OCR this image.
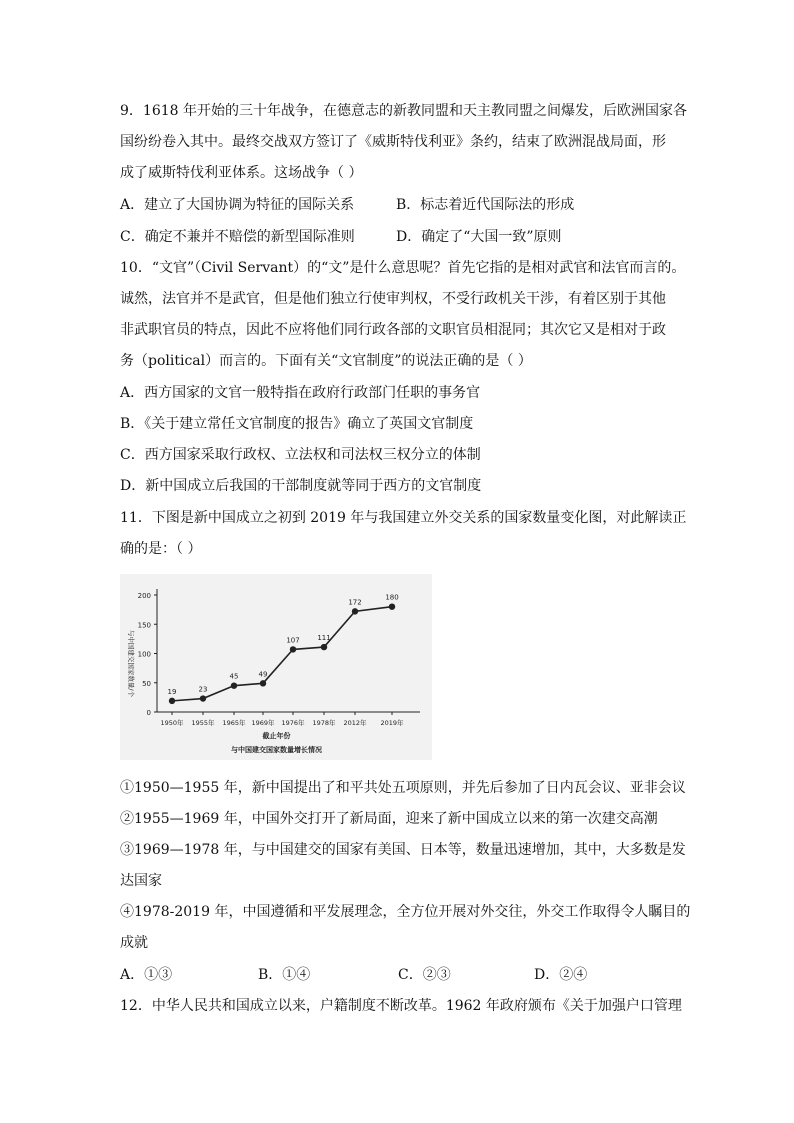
9．1618 年开始的三十年战争，在德意志的新教同盟和天主教同盟之间爆发，后欧洲国家各
国纷纷卷入其中。最终交战双方签订了《威斯特伐利亚》条约，结束了欧洲混战局面，形
成了威斯特伐利亚体系。这场战争（ ）
A．建立了大国协调为特征的国际关系	B．标志着近代国际法的形成
C．确定不兼并不赔偿的新型国际准则	D．确定了“大国一致”原则
10．“文官”（Civil Servant）的“文”是什么意思呢？首先它指的是相对武官和法官而言的。
诚然，法官并不是武官，但是他们独立行使审判权，不受行政机关干涉，有着区别于其他
非武职官员的特点，因此不应将他们同行政各部的文职官员相混同；其次它又是相对于政
务（political）而言的。下面有关“文官制度”的说法正确的是（ ）
A．西方国家的文官一般特指在政府行政部门任职的事务官
B．《关于建立常任文官制度的报告》确立了英国文官制度
C．西方国家采取行政权、立法权和司法权三权分立的体制
D．新中国成立后我国的干部制度就等同于西方的文官制度
11．下图是新中国成立之初到 2019 年与我国建立外交关系的国家数量变化图，对此解读正
确的是：（ ）
0
50
100
150
200
1950年 1955年 1965年 1969年 1976年 1978年 2012年 2019年
19	23
45	49
107	111
172
180
与中国建交国家数量/个
截止年份
与中国建交国家数量增长情况
①1950—1955 年，新中国提出了和平共处五项原则，并先后参加了日内瓦会议、亚非会议
②1955—1969 年，中国外交打开了新局面，迎来了新中国成立以来的第一次建交高潮
③1969—1978 年，与中国建交的国家有美国、日本等，数量迅速增加，其中，大多数是发
达国家
④1978-2019 年，中国遵循和平发展理念，全方位开展对外交往，外交工作取得令人瞩目的
成就
A．①③	B．①④	C．②③	D．②④
12．中华人民共和国成立以来，户籍制度不断改革。1962 年政府颁布《关于加强户口管理
